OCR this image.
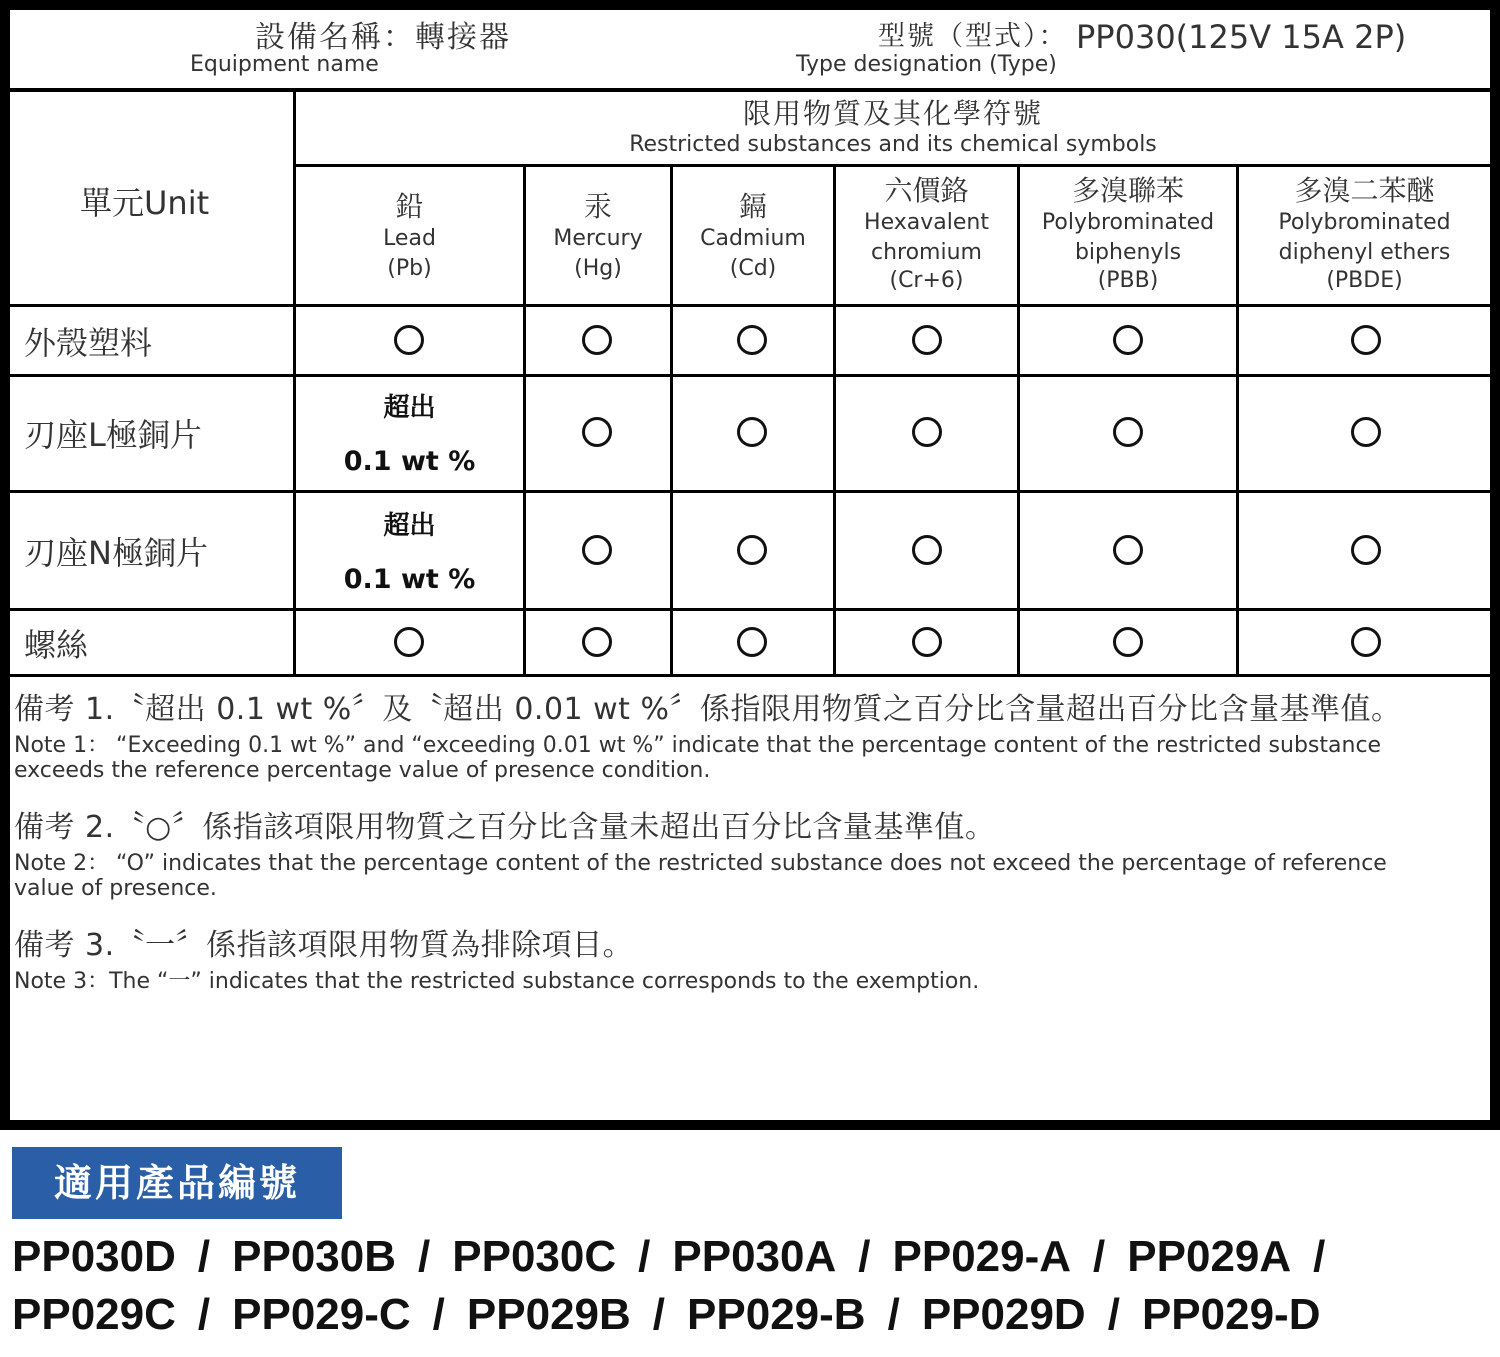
設備名稱：轉接器
Equipment name
型號（型式）： PP030(125V 15A 2P)
Type designation (Type)
單元Unit
限用物質及其化學符號
Restricted substances and its chemical symbols
鉛
Lead
(Pb)
汞
Mercury
(Hg)
鎘
Cadmium
(Cd)
六價鉻
Hexavalent
chromium
(Cr+6)
多溴聯苯
Polybrominated
biphenyls
(PBB)
多溴二苯醚
Polybrominated
diphenyl ethers
(PBDE)
外殼塑料
刃座L極銅片
刃座N極銅片
螺絲
超出
0.1 wt %
超出
0.1 wt %
備考 1.〝超出 0.1 wt %〞及〝超出 0.01 wt %〞係指限用物質之百分比含量超出百分比含量基準值。
Note 1： “Exceeding 0.1 wt %” and “exceeding 0.01 wt %” indicate that the percentage content of the restricted substance
exceeds the reference percentage value of presence condition.
備考 2.〝○〞係指該項限用物質之百分比含量未超出百分比含量基準值。
Note 2： “O” indicates that the percentage content of the restricted substance does not exceed the percentage of reference
value of presence.
備考 3.〝一〞係指該項限用物質為排除項目。
Note 3：The “一” indicates that the restricted substance corresponds to the exemption.
適用產品編號
PP030D / PP030B / PP030C / PP030A / PP029-A / PP029A /
PP029C / PP029-C / PP029B / PP029-B / PP029D / PP029-D
